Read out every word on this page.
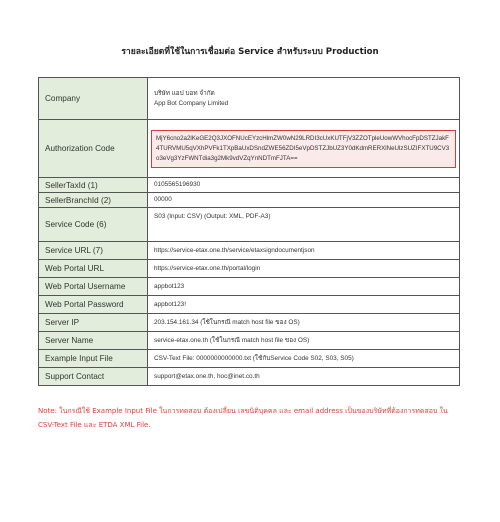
รายละเอียดที่ใช้ในการเชื่อมต่อ Service สำหรับระบบ Production
Company	บริษัท แอป บอท จำกัด
App Bot Company Limited

Authorization Code	MjY6cno2a2lKeGE2Q3JXOFNUcEYzcHlmZW0wN29LRDI3cUxKUTFjV3ZZOTpleUowWVhocFpDSTZJakF4TURVMU5qVXhPVFk1TXpBaUxDSndZWE56ZDI5eVpDSTZJbUZ3Y0dKdmRERXlNeUlzSUZIFXTU9CV3o3eVg3YzFWNTdia3g2Mk9vdVZqYnNDTmFJTA==

SellerTaxId (1)	0105565196930
SellerBranchId (2)	00000
Service Code (6)	S03 (Input: CSV) (Output: XML, PDF-A3)
Service URL (7)	https://service-etax.one.th/service/etaxsigndocumentjson
Web Portal URL	https://service-etax.one.th/portal/login
Web Portal Username	appbot123
Web Portal Password	appbot123!
Server IP	203.154.161.34 (ใช้ในกรณี match host file ของ OS)
Server Name	service-etax.one.th (ใช้ในกรณี match host file ของ OS)
Example Input File	CSV-Text File: 0000000000000.txt (ใช้กับService Code S02, S03, S05)
Support Contact	support@etax.one.th, hoc@inet.co.th
Note: ในกรณีใช้ Example Input File ในการทดสอบ ต้องเปลี่ยน เลขนิติบุคคล และ email address เป็นของบริษัทที่ต้องการทดสอบ ใน CSV-Text File และ ETDA XML File.
